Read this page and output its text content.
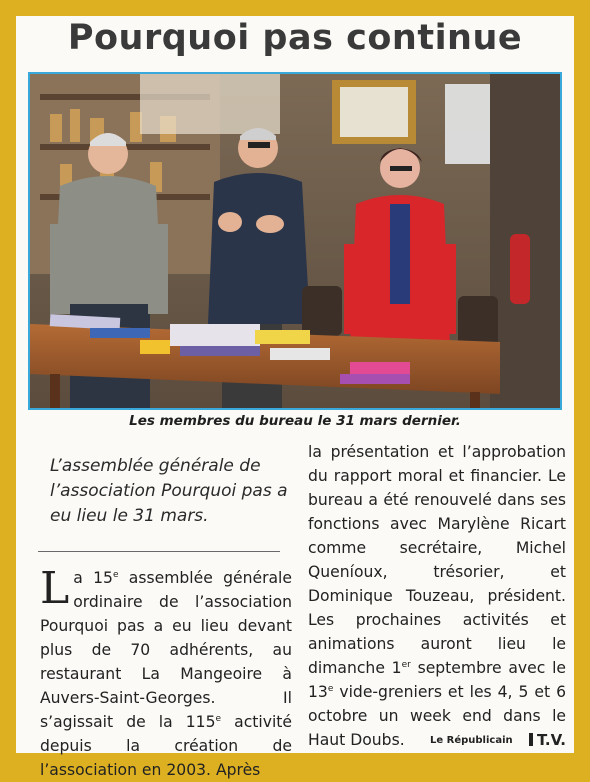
Pourquoi pas continue
Les membres du bureau le 31 mars dernier.
L’assemblée générale de l’association Pourquoi pas a eu lieu le 31 mars.
La 15e assemblée générale ordinaire de l’association Pourquoi pas a eu lieu devant plus de 70 adhérents, au restaurant La Mangeoire à Auvers-Saint-Georges. Il s’agissait de la 115e activité depuis la création de l’association en 2003. Après
la présentation et l’approbation du rapport moral et financier. Le bureau a été renouvelé dans ses fonctions avec Marylène Ricart comme secrétaire, Michel Queníoux, trésorier, et Dominique Touzeau, président. Les prochaines activités et animations auront lieu le dimanche 1er septembre avec le 13e vide-greniers et les 4, 5 et 6 octobre un week end dans le Haut Doubs.	Le Républicain	T.V.
